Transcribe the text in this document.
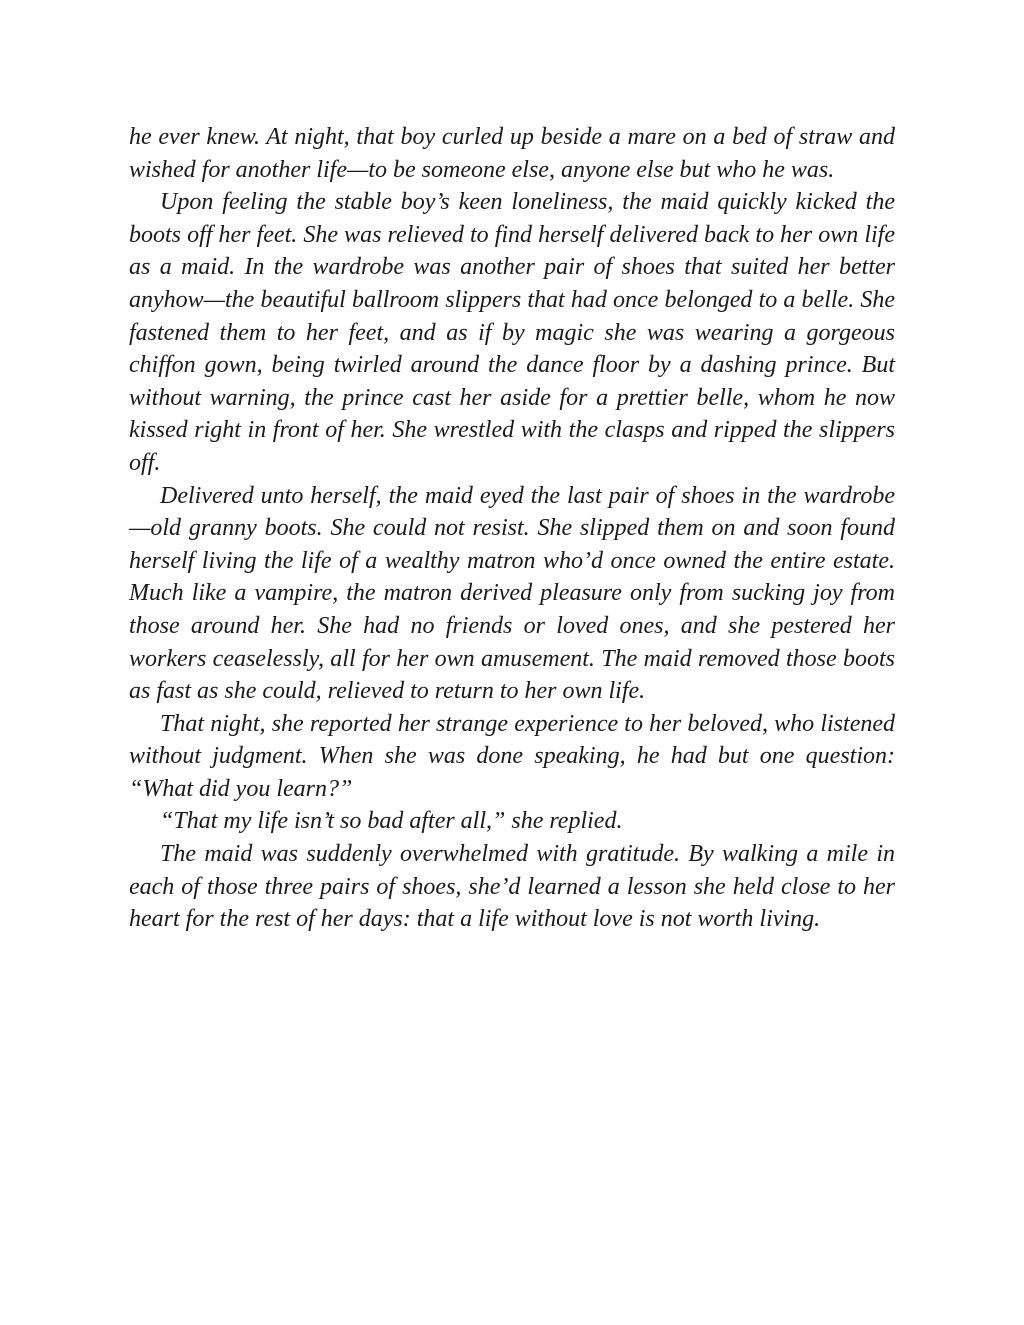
he ever knew. At night, that boy curled up beside a mare on a bed of straw and wished for another life—to be someone else, anyone else but who he was.

Upon feeling the stable boy’s keen loneliness, the maid quickly kicked the boots off her feet. She was relieved to find herself delivered back to her own life as a maid. In the wardrobe was another pair of shoes that suited her better anyhow—the beautiful ballroom slippers that had once belonged to a belle. She fastened them to her feet, and as if by magic she was wearing a gorgeous chiffon gown, being twirled around the dance floor by a dashing prince. But without warning, the prince cast her aside for a prettier belle, whom he now kissed right in front of her. She wrestled with the clasps and ripped the slippers off.

Delivered unto herself, the maid eyed the last pair of shoes in the wardrobe—old granny boots. She could not resist. She slipped them on and soon found herself living the life of a wealthy matron who’d once owned the entire estate. Much like a vampire, the matron derived pleasure only from sucking joy from those around her. She had no friends or loved ones, and she pestered her workers ceaselessly, all for her own amusement. The maid removed those boots as fast as she could, relieved to return to her own life.

That night, she reported her strange experience to her beloved, who listened without judgment. When she was done speaking, he had but one question: “What did you learn?”

“That my life isn’t so bad after all,” she replied.

The maid was suddenly overwhelmed with gratitude. By walking a mile in each of those three pairs of shoes, she’d learned a lesson she held close to her heart for the rest of her days: that a life without love is not worth living.
